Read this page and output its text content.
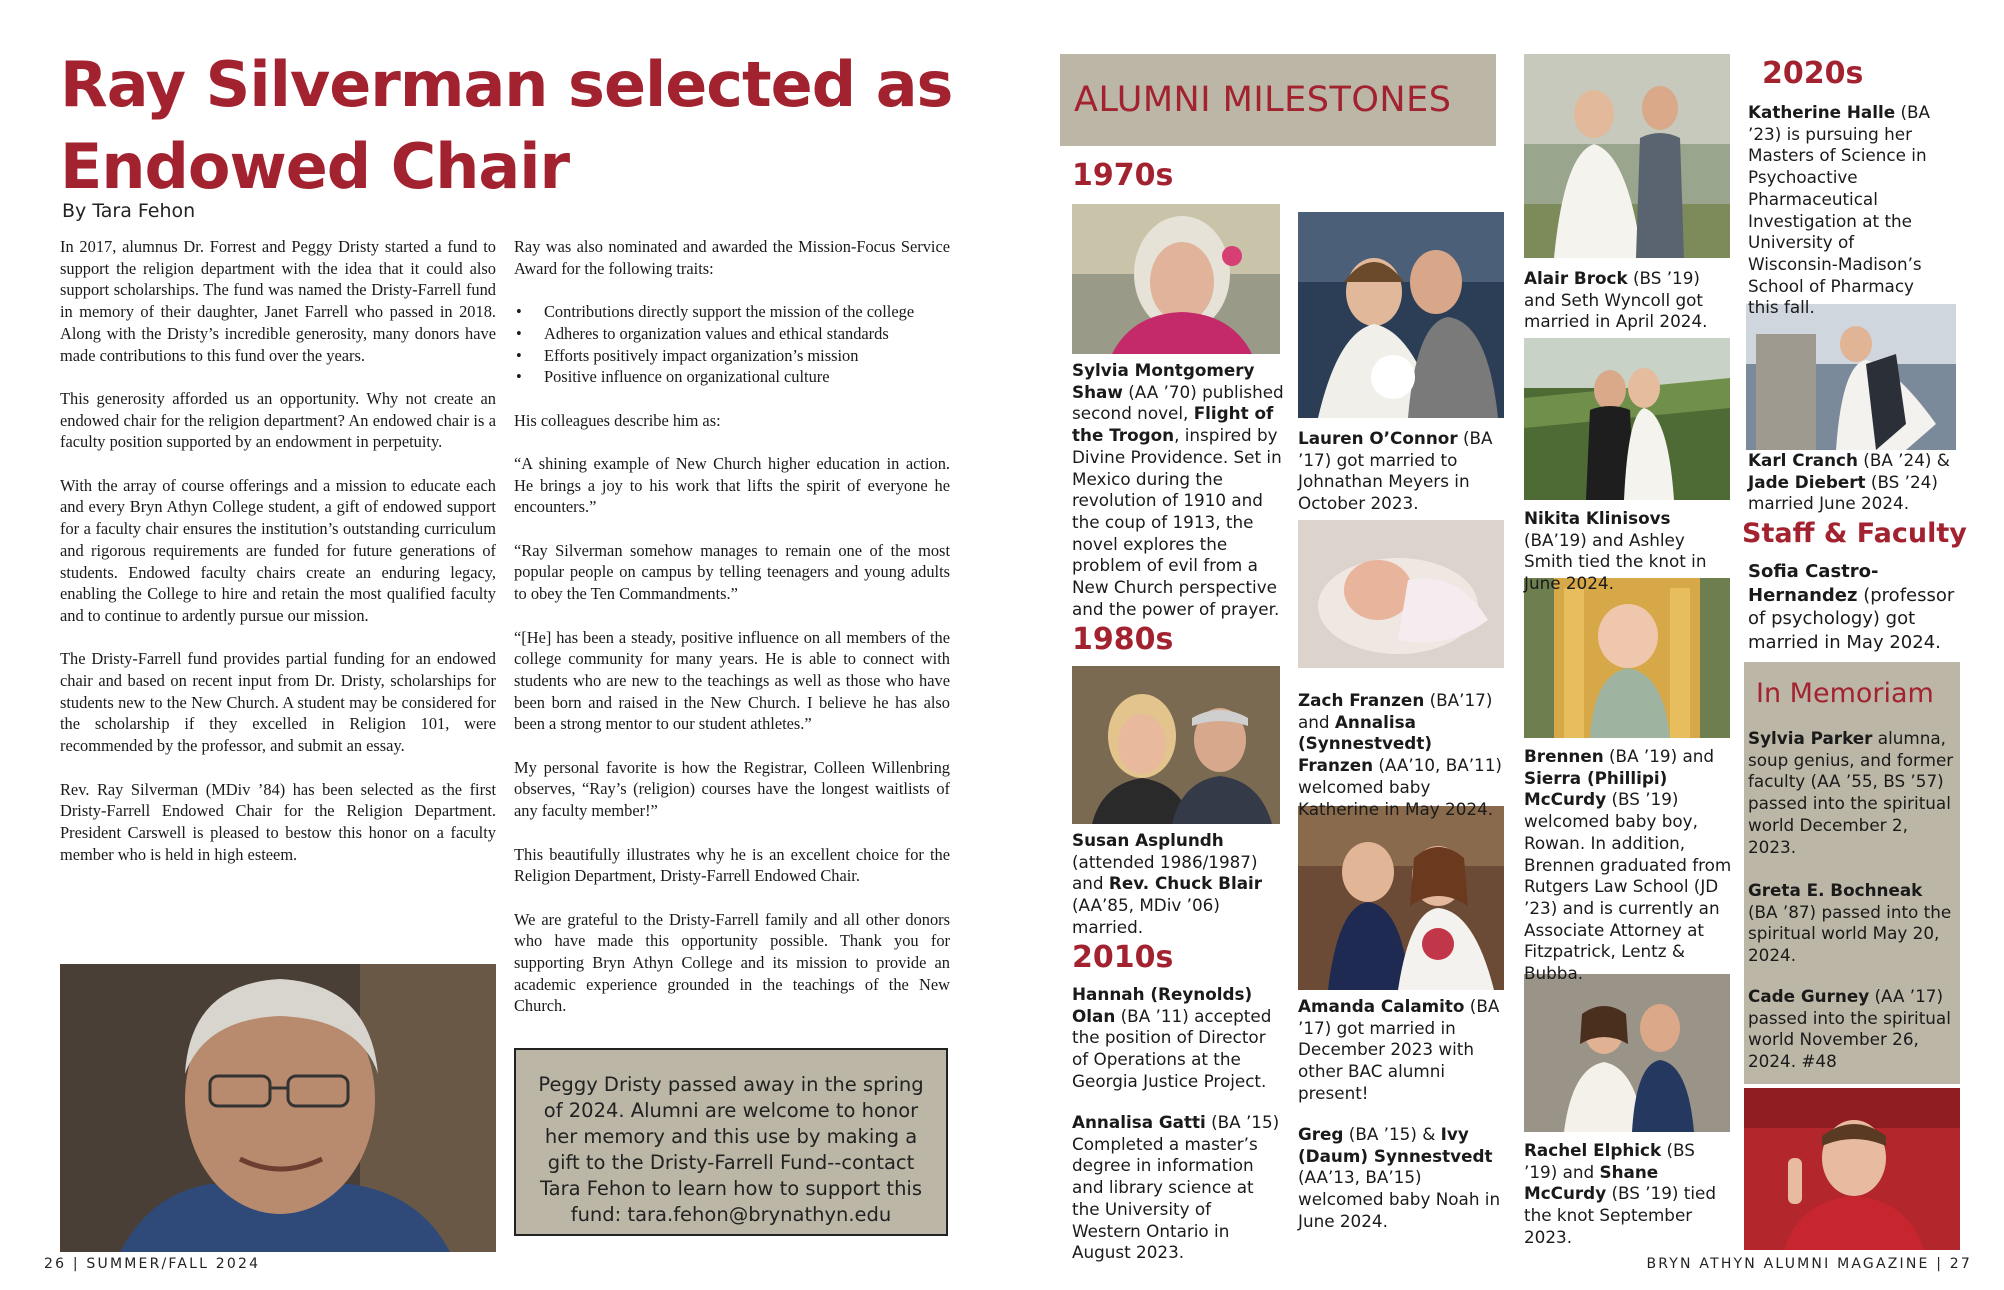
Ray Silverman selected as Endowed Chair
By Tara Fehon

In 2017, alumnus Dr. Forrest and Peggy Dristy started a fund to support the religion department with the idea that it could also support scholarships. The fund was named the Dristy-Farrell fund in memory of their daughter, Janet Farrell who passed in 2018. Along with the Dristy’s incredible generosity, many donors have made contributions to this fund over the years.

This generosity afforded us an opportunity. Why not create an endowed chair for the religion department? An endowed chair is a faculty position supported by an endowment in perpetuity.

With the array of course offerings and a mission to educate each and every Bryn Athyn College student, a gift of endowed support for a faculty chair ensures the institution’s outstanding curriculum and rigorous requirements are funded for future generations of students. Endowed faculty chairs create an enduring legacy, enabling the College to hire and retain the most qualified faculty and to continue to ardently pursue our mission.

The Dristy-Farrell fund provides partial funding for an endowed chair and based on recent input from Dr. Dristy, scholarships for students new to the New Church. A student may be considered for the scholarship if they excelled in Religion 101, were recommended by the professor, and submit an essay.

Rev. Ray Silverman (MDiv ’84) has been selected as the first Dristy-Farrell Endowed Chair for the Religion Department. President Carswell is pleased to bestow this honor on a faculty member who is held in high esteem.

Ray was also nominated and awarded the Mission-Focus Service Award for the following traits:

• Contributions directly support the mission of the college
• Adheres to organization values and ethical standards
• Efforts positively impact organization’s mission
• Positive influence on organizational culture

His colleagues describe him as:

“A shining example of New Church higher education in action. He brings a joy to his work that lifts the spirit of everyone he encounters.”

“Ray Silverman somehow manages to remain one of the most popular people on campus by telling teenagers and young adults to obey the Ten Commandments.”

“[He] has been a steady, positive influence on all members of the college community for many years. He is able to connect with students who are new to the teachings as well as those who have been born and raised in the New Church. I believe he has also been a strong mentor to our student athletes.”

My personal favorite is how the Registrar, Colleen Willenbring observes, “Ray’s (religion) courses have the longest waitlists of any faculty member!”

This beautifully illustrates why he is an excellent choice for the Religion Department, Dristy-Farrell Endowed Chair.

We are grateful to the Dristy-Farrell family and all other donors who have made this opportunity possible. Thank you for supporting Bryn Athyn College and its mission to provide an academic experience grounded in the teachings of the New Church.

Peggy Dristy passed away in the spring of 2024. Alumni are welcome to honor her memory and this use by making a gift to the Dristy-Farrell Fund--contact Tara Fehon to learn how to support this fund: tara.fehon@brynathyn.edu
26 | SUMMER/FALL 2024
ALUMNI MILESTONES
1970s
1980s
2010s
2020s
Sylvia Montgomery Shaw (AA ’70) published second novel, Flight of the Trogon, inspired by Divine Providence. Set in Mexico during the revolution of 1910 and the coup of 1913, the novel explores the problem of evil from a New Church perspective and the power of prayer.
Susan Asplundh (attended 1986/1987) and Rev. Chuck Blair (AA’85, MDiv ’06) married.
Hannah (Reynolds) Olan (BA ’11) accepted the position of Director of Operations at the Georgia Justice Project.
Annalisa Gatti (BA ’15) Completed a master’s degree in information and library science at the University of Western Ontario in August 2023.
Lauren O’Connor (BA ’17) got married to Johnathan Meyers in October 2023.
Zach Franzen (BA’17) and Annalisa (Synnestvedt) Franzen (AA’10, BA’11) welcomed baby Katherine in May 2024.
Amanda Calamito (BA ’17) got married in December 2023 with other BAC alumni present!
Greg (BA ’15) & Ivy (Daum) Synnestvedt (AA’13, BA’15) welcomed baby Noah in June 2024.
Alair Brock (BS ’19) and Seth Wyncoll got married in April 2024.
Nikita Klinisovs (BA’19) and Ashley Smith tied the knot in June 2024.
Brennen (BA ’19) and Sierra (Phillipi) McCurdy (BS ’19) welcomed baby boy, Rowan. In addition, Brennen graduated from Rutgers Law School (JD ’23) and is currently an Associate Attorney at Fitzpatrick, Lentz & Bubba.
Rachel Elphick (BS ’19) and Shane McCurdy (BS ’19) tied the knot September 2023.
Katherine Halle (BA ’23) is pursuing her Masters of Science in Psychoactive Pharmaceutical Investigation at the University of Wisconsin-Madison’s School of Pharmacy this fall.
Karl Cranch (BA ’24) & Jade Diebert (BS ’24) married June 2024.
Staff & Faculty
Sofia Castro-Hernandez (professor of psychology) got married in May 2024.
In Memoriam
Sylvia Parker alumna, soup genius, and former faculty (AA ’55, BS ’57) passed into the spiritual world December 2, 2023.
Greta E. Bochneak (BA ’87) passed into the spiritual world May 20, 2024.
Cade Gurney (AA ’17) passed into the spiritual world November 26, 2024. #48
BRYN ATHYN ALUMNI MAGAZINE | 27
